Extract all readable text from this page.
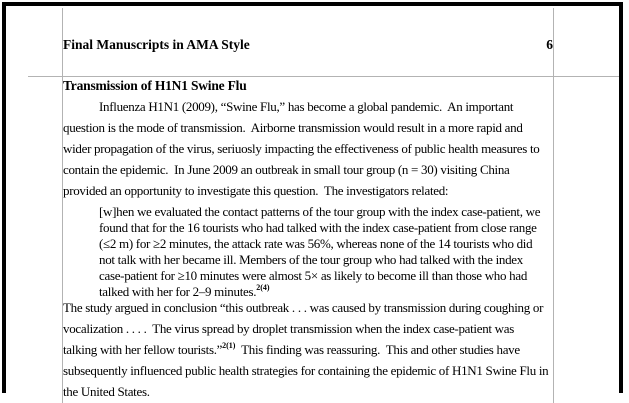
Final Manuscripts in AMA Style	6
Transmission of H1N1 Swine Flu
Influenza H1N1 (2009), “Swine Flu,” has become a global pandemic.  An important
question is the mode of transmission.  Airborne transmission would result in a more rapid and
wider propagation of the virus, seriuosly impacting the effectiveness of public health measures to
contain the epidemic.  In June 2009 an outbreak in small tour group (n = 30) visiting China
provided an opportunity to investigate this question.  The investigators related:
[w]hen we evaluated the contact patterns of the tour group with the index case-patient, we
found that for the 16 tourists who had talked with the index case-patient from close range
(≤2 m) for ≥2 minutes, the attack rate was 56%, whereas none of the 14 tourists who did
not talk with her became ill. Members of the tour group who had talked with the index
case-patient for ≥10 minutes were almost 5× as likely to become ill than those who had
talked with her for 2–9 minutes.$^{2(4)}$
The study argued in conclusion “this outbreak . . . was caused by transmission during coughing or
vocalization . . . .  The virus spread by droplet transmission when the index case-patient was
talking with her fellow tourists.”$^{2(1)}$  This finding was reassuring.  This and other studies have
subsequently influenced public health strategies for containing the epidemic of H1N1 Swine Flu in
the United States.
